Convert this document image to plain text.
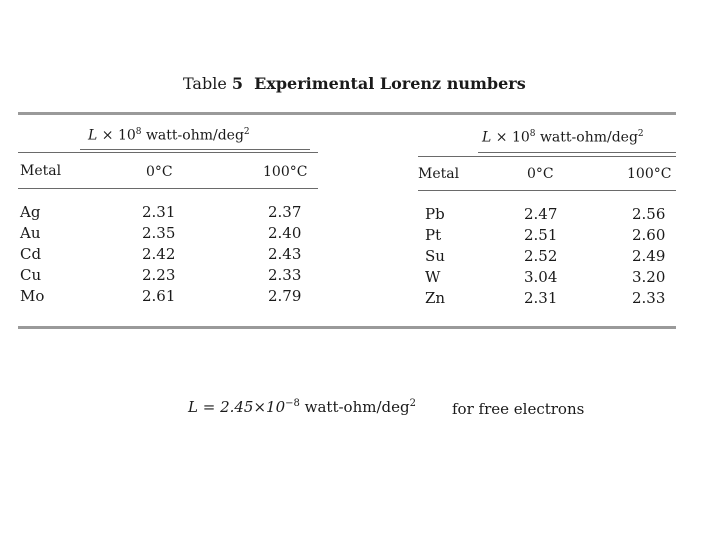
Table 5 Experimental Lorenz numbers
$L \times 10^8$ watt-ohm/deg$^2$	$L \times 10^8$ watt-ohm/deg$^2$
Metal	0°C	100°C	Metal	0°C	100°C
Ag	2.31	2.37
Au	2.35	2.40
Cd	2.42	2.43
Cu	2.23	2.33
Mo	2.61	2.79
Pb	2.47	2.56
Pt	2.51	2.60
Su	2.52	2.49
W	3.04	3.20
Zn	2.31	2.33
$L = 2.45\times 10^{-8}$ watt-ohm/deg$^2$ for free electrons
